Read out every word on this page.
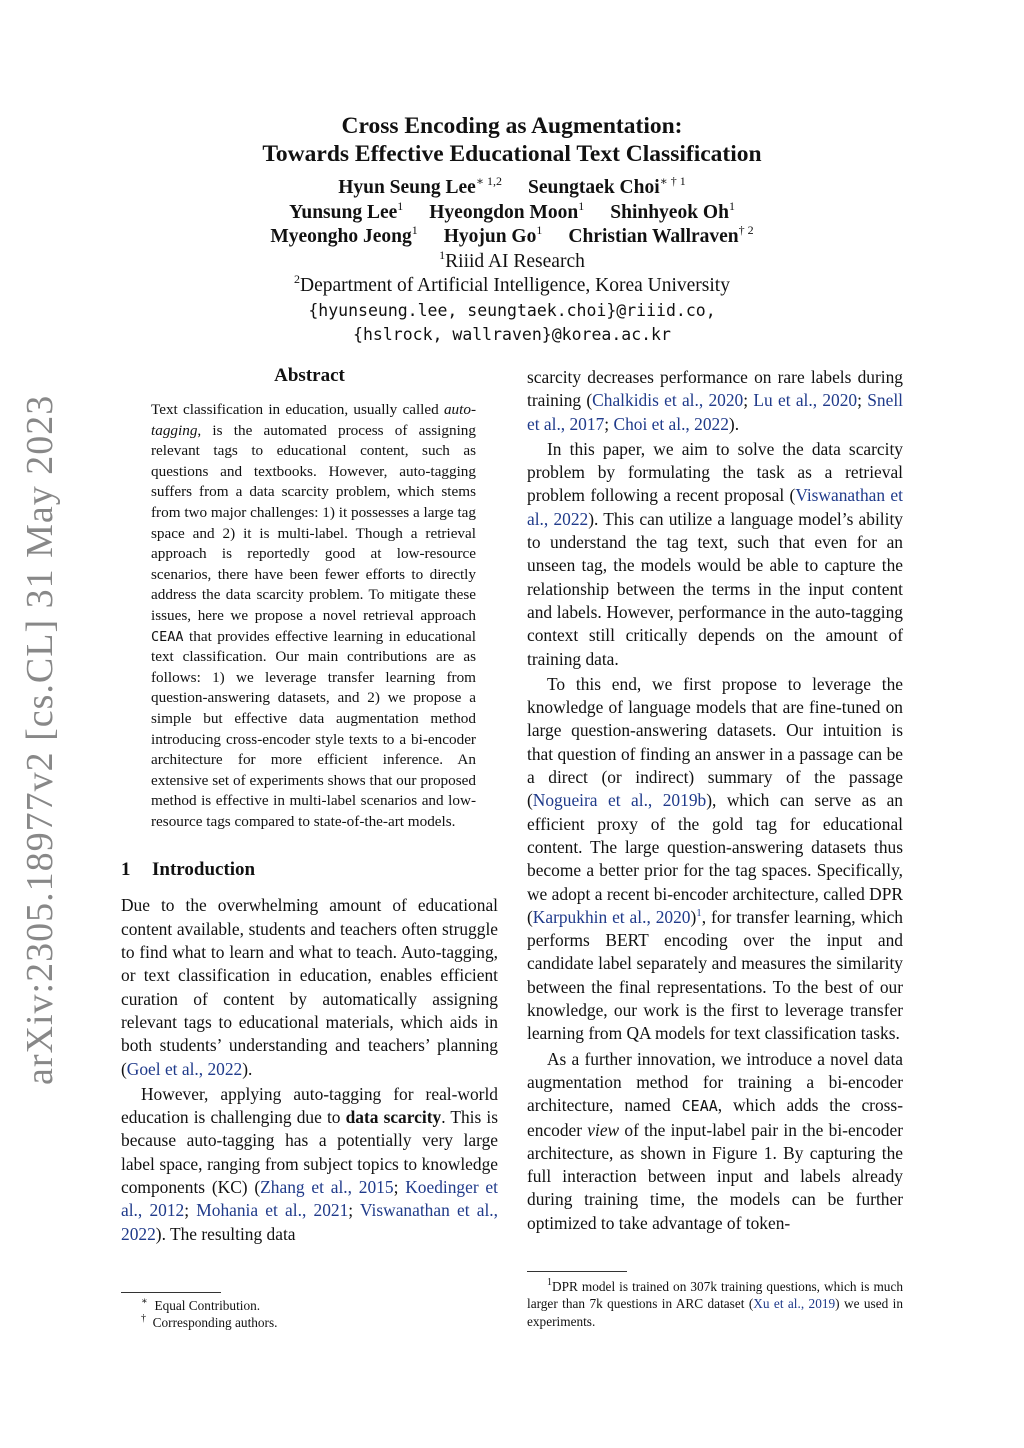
arXiv:2305.18977v2 [cs.CL] 31 May 2023
Cross Encoding as Augmentation:
Towards Effective Educational Text Classification
Hyun Seung Lee$^{∗ 1,2}$ Seungtaek Choi$^{∗ \dagger 1}$
Yunsung Lee$^1$ Hyeongdon Moon$^1$ Shinhyeok Oh$^1$
Myeongho Jeong$^1$ Hyojun Go$^1$ Christian Wallraven$^{\dagger 2}$
$^1$Riiid AI Research
$^2$Department of Artificial Intelligence, Korea University
{hyunseung.lee, seungtaek.choi}@riiid.co,
{hslrock, wallraven}@korea.ac.kr
Abstract
Text classification in education, usually called auto-tagging, is the automated process of assigning relevant tags to educational content, such as questions and textbooks. However, auto-tagging suffers from a data scarcity problem, which stems from two major challenges: 1) it possesses a large tag space and 2) it is multi-label. Though a retrieval approach is reportedly good at low-resource scenarios, there have been fewer efforts to directly address the data scarcity problem. To mitigate these issues, here we propose a novel retrieval approach CEAA that provides effective learning in educational text classification. Our main contributions are as follows: 1) we leverage transfer learning from question-answering datasets, and 2) we propose a simple but effective data augmentation method introducing cross-encoder style texts to a bi-encoder architecture for more efficient inference. An extensive set of experiments shows that our proposed method is effective in multi-label scenarios and low-resource tags compared to state-of-the-art models.
1 Introduction

Due to the overwhelming amount of educational content available, students and teachers often struggle to find what to learn and what to teach. Auto-tagging, or text classification in education, enables efficient curation of content by automatically assigning relevant tags to educational materials, which aids in both students’ understanding and teachers’ planning (Goel et al., 2022).

However, applying auto-tagging for real-world education is challenging due to data scarcity. This is because auto-tagging has a potentially very large label space, ranging from subject topics to knowledge components (KC) (Zhang et al., 2015; Koedinger et al., 2012; Mohania et al., 2021; Viswanathan et al., 2022). The resulting data

∗ Equal Contribution.
† Corresponding authors.

scarcity decreases performance on rare labels during training (Chalkidis et al., 2020; Lu et al., 2020; Snell et al., 2017; Choi et al., 2022).

In this paper, we aim to solve the data scarcity problem by formulating the task as a retrieval problem following a recent proposal (Viswanathan et al., 2022). This can utilize a language model’s ability to understand the tag text, such that even for an unseen tag, the models would be able to capture the relationship between the terms in the input content and labels. However, performance in the auto-tagging context still critically depends on the amount of training data.

To this end, we first propose to leverage the knowledge of language models that are fine-tuned on large question-answering datasets. Our intuition is that question of finding an answer in a passage can be a direct (or indirect) summary of the passage (Nogueira et al., 2019b), which can serve as an efficient proxy of the gold tag for educational content. The large question-answering datasets thus become a better prior for the tag spaces. Specifically, we adopt a recent bi-encoder architecture, called DPR (Karpukhin et al., 2020)$^1$, for transfer learning, which performs BERT encoding over the input and candidate label separately and measures the similarity between the final representations. To the best of our knowledge, our work is the first to leverage transfer learning from QA models for text classification tasks.

As a further innovation, we introduce a novel data augmentation method for training a bi-encoder architecture, named CEAA, which adds the cross-encoder view of the input-label pair in the bi-encoder architecture, as shown in Figure 1. By capturing the full interaction between input and labels already during training time, the models can be further optimized to take advantage of token-

$^1$DPR model is trained on 307k training questions, which is much larger than 7k questions in ARC dataset (Xu et al., 2019) we used in experiments.
